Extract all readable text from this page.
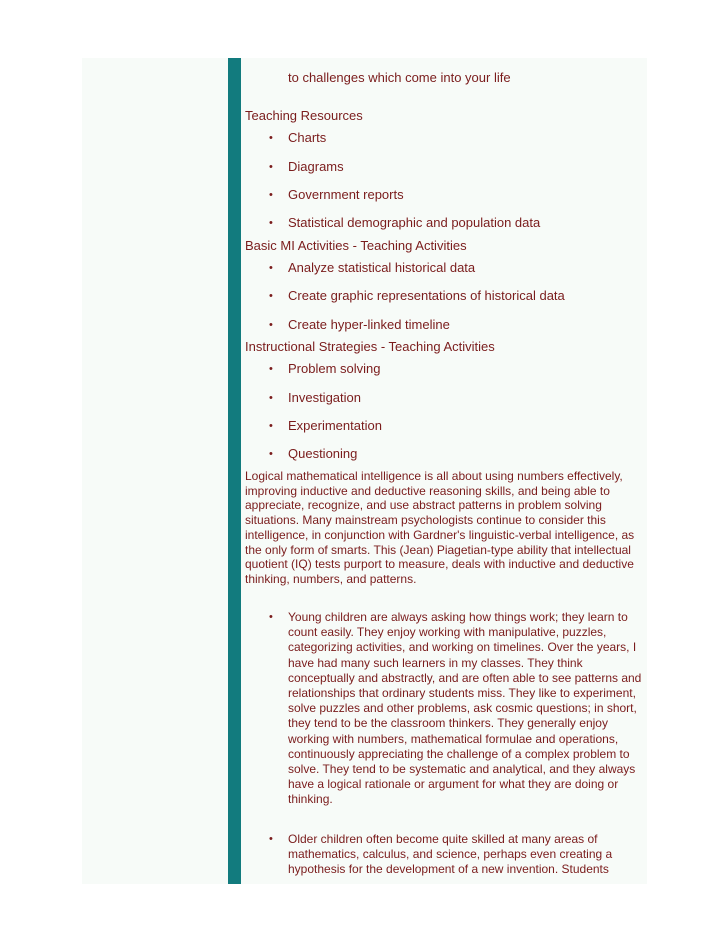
to challenges which come into your life
Teaching Resources
• Charts
• Diagrams
• Government reports
• Statistical demographic and population data
Basic MI Activities - Teaching Activities
• Analyze statistical historical data
• Create graphic representations of historical data
• Create hyper-linked timeline
Instructional Strategies - Teaching Activities
• Problem solving
• Investigation
• Experimentation
• Questioning
Logical mathematical intelligence is all about using numbers effectively, improving inductive and deductive reasoning skills, and being able to appreciate, recognize, and use abstract patterns in problem solving situations. Many mainstream psychologists continue to consider this intelligence, in conjunction with Gardner's linguistic-verbal intelligence, as the only form of smarts. This (Jean) Piagetian-type ability that intellectual quotient (IQ) tests purport to measure, deals with inductive and deductive thinking, numbers, and patterns.
• Young children are always asking how things work; they learn to count easily. They enjoy working with manipulative, puzzles, categorizing activities, and working on timelines. Over the years, I have had many such learners in my classes. They think conceptually and abstractly, and are often able to see patterns and relationships that ordinary students miss. They like to experiment, solve puzzles and other problems, ask cosmic questions; in short, they tend to be the classroom thinkers. They generally enjoy working with numbers, mathematical formulae and operations, continuously appreciating the challenge of a complex problem to solve. They tend to be systematic and analytical, and they always have a logical rationale or argument for what they are doing or thinking.
• Older children often become quite skilled at many areas of mathematics, calculus, and science, perhaps even creating a hypothesis for the development of a new invention. Students
